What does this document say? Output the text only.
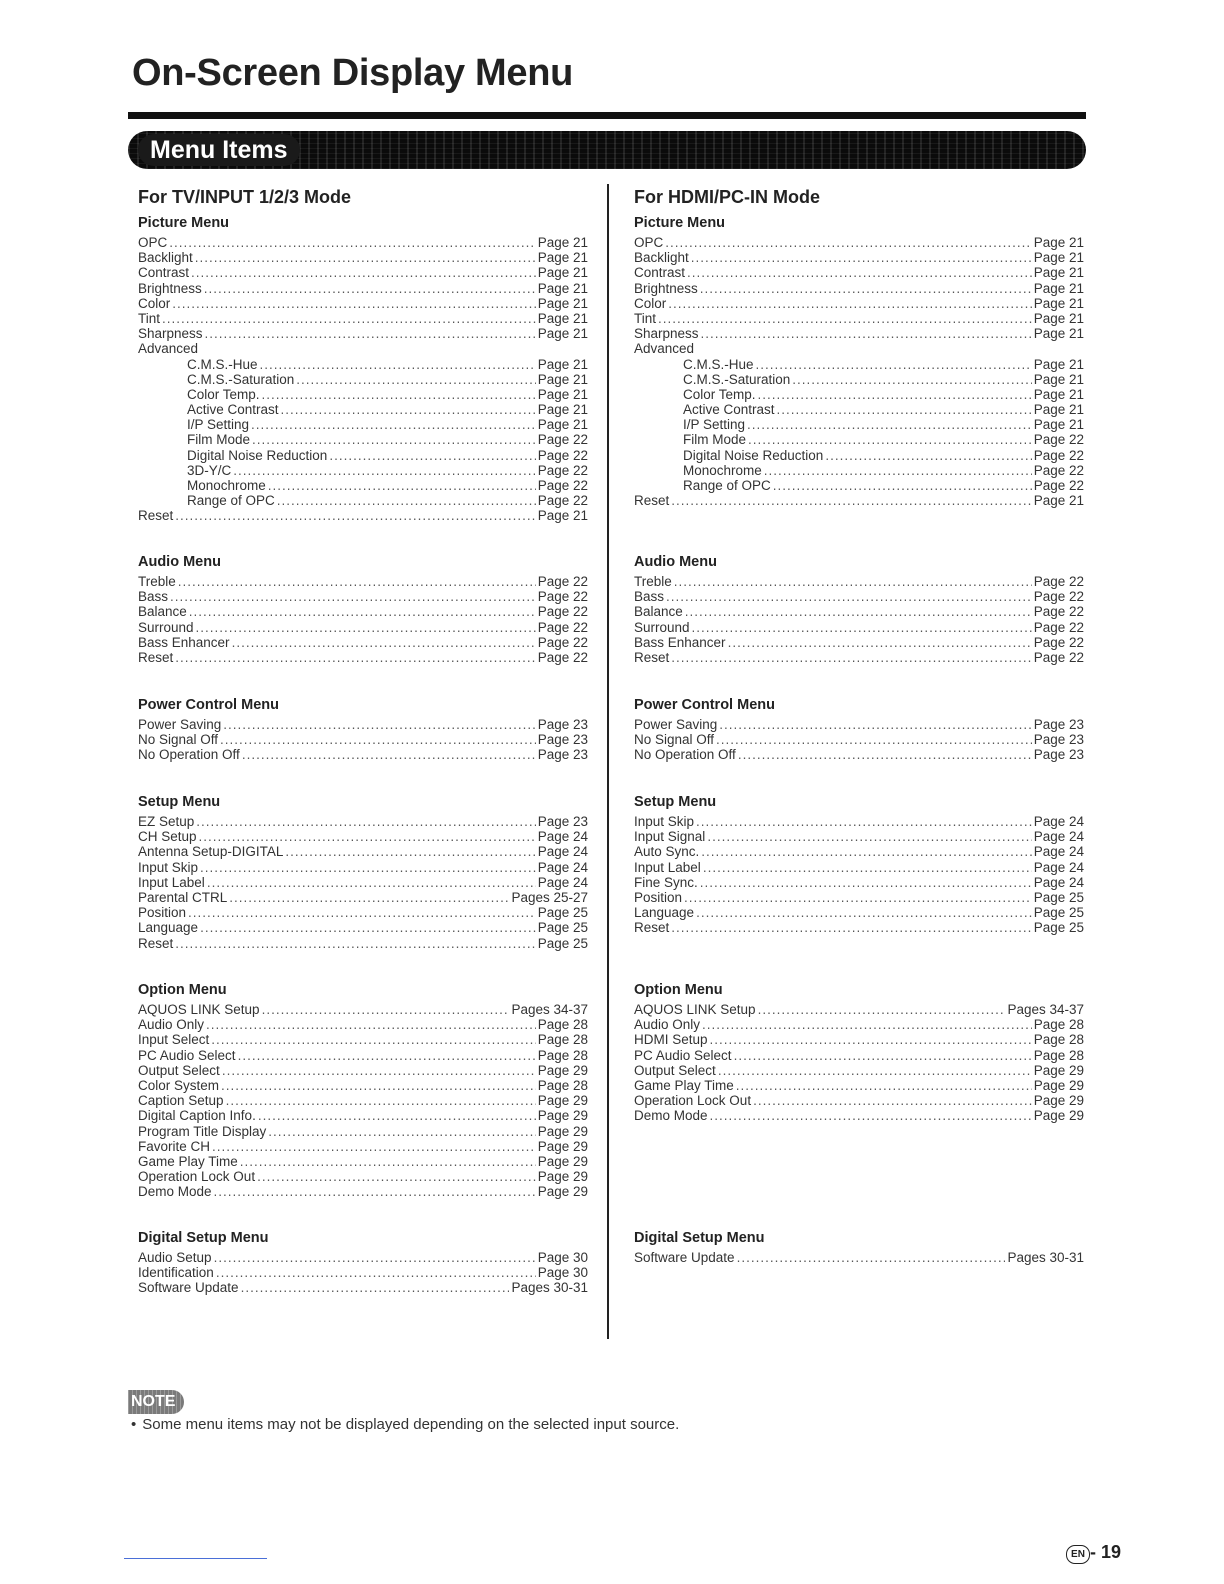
On-Screen Display Menu
Menu Items
For TV/INPUT 1/2/3 Mode
Picture Menu
OPC .....	Page 21
Backlight .....	Page 21
Contrast .....	Page 21
Brightness .....	Page 21
Color .....	Page 21
Tint .....	Page 21
Sharpness .....	Page 21
Advanced
C.M.S.-Hue .....	Page 21
C.M.S.-Saturation .....	Page 21
Color Temp. .....	Page 21
Active Contrast .....	Page 21
I/P Setting .....	Page 21
Film Mode .....	Page 22
Digital Noise Reduction .....	Page 22
3D-Y/C .....	Page 22
Monochrome .....	Page 22
Range of OPC .....	Page 22
Reset .....	Page 21
Audio Menu
Treble .....	Page 22
Bass .....	Page 22
Balance .....	Page 22
Surround .....	Page 22
Bass Enhancer .....	Page 22
Reset .....	Page 22
Power Control Menu
Power Saving .....	Page 23
No Signal Off .....	Page 23
No Operation Off .....	Page 23
Setup Menu
EZ Setup .....	Page 23
CH Setup .....	Page 24
Antenna Setup-DIGITAL .....	Page 24
Input Skip .....	Page 24
Input Label .....	Page 24
Parental CTRL .....	Pages 25-27
Position .....	Page 25
Language .....	Page 25
Reset .....	Page 25
Option Menu
AQUOS LINK Setup .....	Pages 34-37
Audio Only .....	Page 28
Input Select .....	Page 28
PC Audio Select .....	Page 28
Output Select .....	Page 29
Color System .....	Page 28
Caption Setup .....	Page 29
Digital Caption Info. .....	Page 29
Program Title Display .....	Page 29
Favorite CH .....	Page 29
Game Play Time .....	Page 29
Operation Lock Out .....	Page 29
Demo Mode .....	Page 29
Digital Setup Menu
Audio Setup .....	Page 30
Identification .....	Page 30
Software Update .....	Pages 30-31
For HDMI/PC-IN Mode
Picture Menu
OPC .....	Page 21
Backlight .....	Page 21
Contrast .....	Page 21
Brightness .....	Page 21
Color .....	Page 21
Tint .....	Page 21
Sharpness .....	Page 21
Advanced
C.M.S.-Hue .....	Page 21
C.M.S.-Saturation .....	Page 21
Color Temp. .....	Page 21
Active Contrast .....	Page 21
I/P Setting .....	Page 21
Film Mode .....	Page 22
Digital Noise Reduction .....	Page 22
Monochrome .....	Page 22
Range of OPC .....	Page 22
Reset .....	Page 21
Audio Menu
Treble .....	Page 22
Bass .....	Page 22
Balance .....	Page 22
Surround .....	Page 22
Bass Enhancer .....	Page 22
Reset .....	Page 22
Power Control Menu
Power Saving .....	Page 23
No Signal Off .....	Page 23
No Operation Off .....	Page 23
Setup Menu
Input Skip .....	Page 24
Input Signal .....	Page 24
Auto Sync. .....	Page 24
Input Label .....	Page 24
Fine Sync. .....	Page 24
Position .....	Page 25
Language .....	Page 25
Reset .....	Page 25
Option Menu
AQUOS LINK Setup .....	Pages 34-37
Audio Only .....	Page 28
HDMI Setup .....	Page 28
PC Audio Select .....	Page 28
Output Select .....	Page 29
Game Play Time .....	Page 29
Operation Lock Out .....	Page 29
Demo Mode .....	Page 29
Digital Setup Menu
Software Update .....	Pages 30-31
NOTE
• Some menu items may not be displayed depending on the selected input source.
EN - 19
